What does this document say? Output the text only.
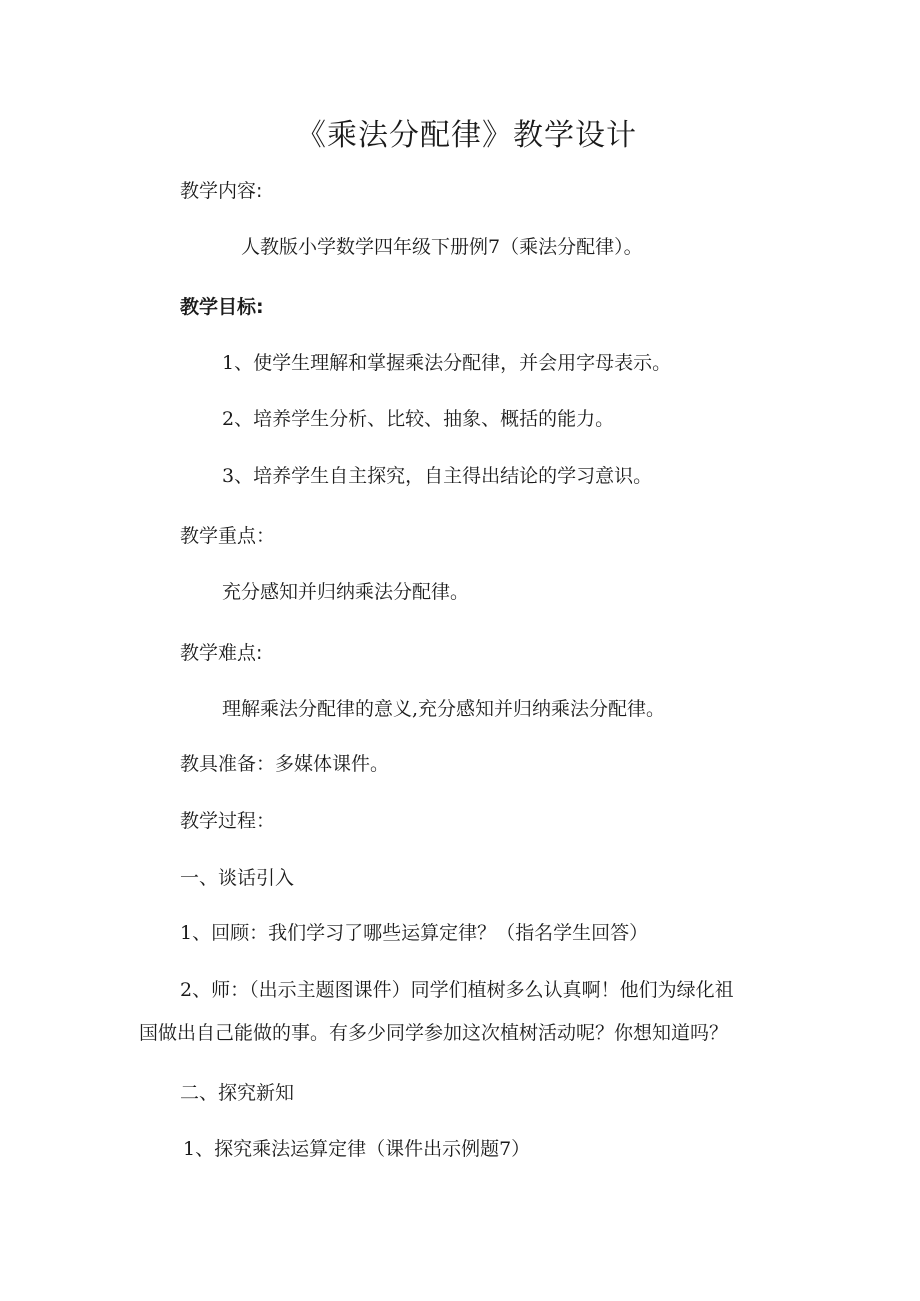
《乘法分配律》教学设计
教学内容:
人教版小学数学四年级下册例7（乘法分配律）。
教学目标:
1、使学生理解和掌握乘法分配律，并会用字母表示。
2、培养学生分析、比较、抽象、概括的能力。
3、培养学生自主探究，自主得出结论的学习意识。
教学重点：
充分感知并归纳乘法分配律。
教学难点:
理解乘法分配律的意义,充分感知并归纳乘法分配律。
教具准备：多媒体课件。
教学过程：
一、谈话引入
1、回顾：我们学习了哪些运算定律？（指名学生回答）
2、师：（出示主题图课件）同学们植树多么认真啊！他们为绿化祖
国做出自己能做的事。有多少同学参加这次植树活动呢？你想知道吗？
二、探究新知
1、探究乘法运算定律（课件出示例题7）
